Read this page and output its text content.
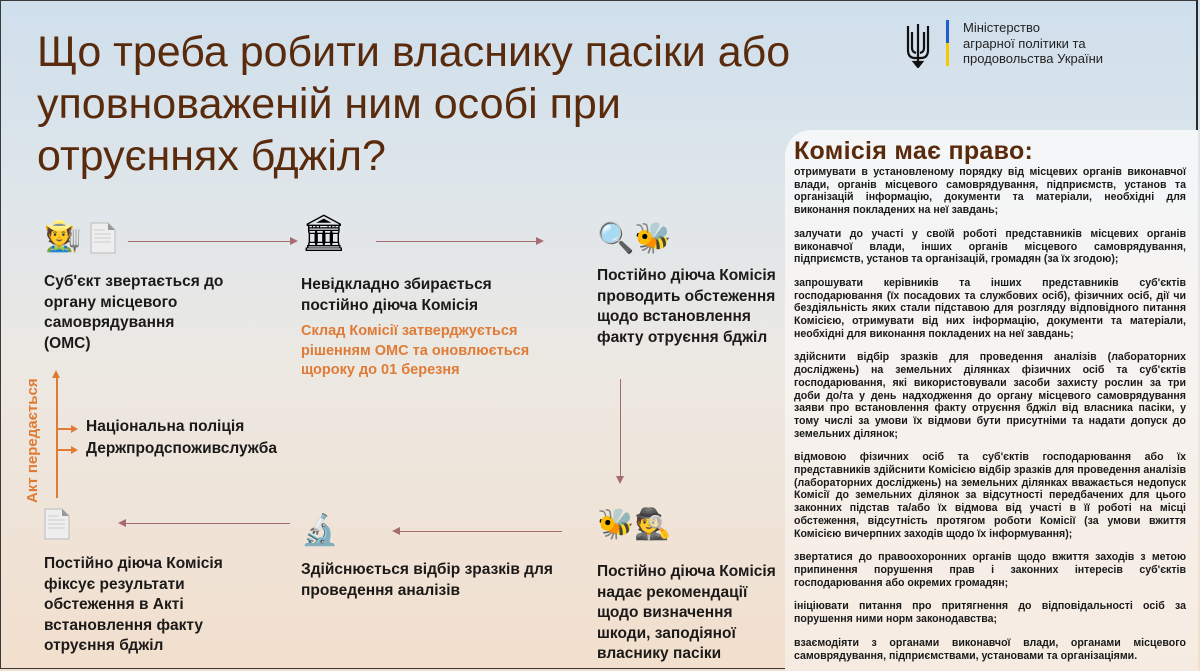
Що треба робити власнику пасіки або уповноваженій ним особі при отруєннях бджіл?
Міністерство
аграрної політики та
продовольства України
🧑‍🌾
Суб'єкт звертається до органу місцевого самоврядування (ОМС)
🏛
Невідкладно збирається постійно діюча Комісія
Склад Комісії затверджується рішенням ОМС та оновлюється щороку до 01 березня
🔍🐝
Постійно діюча Комісія проводить обстеження щодо встановлення факту отруєння бджіл
🐝🕵
Постійно діюча Комісія надає рекомендації щодо визначення шкоди, заподіяної власнику пасіки
🔬
Здійснюється відбір зразків для проведення аналізів
Постійно діюча Комісія фіксує результати обстеження в Акті встановлення факту отруєння бджіл
Акт передається	Національна поліція
Держпродспоживслужба
Комісія має право:

отримувати в установленому порядку від місцевих органів виконавчої влади, органів місцевого самоврядування, підприємств, установ та організацій інформацію, документи та матеріали, необхідні для виконання покладених на неї завдань;

залучати до участі у своїй роботі представників місцевих органів виконавчої влади, інших органів місцевого самоврядування, підприємств, установ та організацій, громадян (за їх згодою);

запрошувати керівників та інших представників суб'єктів господарювання (їх посадових та службових осіб), фізичних осіб, дії чи бездіяльність яких стали підставою для розгляду відповідного питання Комісією, отримувати від них інформацію, документи та матеріали, необхідні для виконання покладених на неї завдань;

здійснити відбір зразків для проведення аналізів (лабораторних досліджень) на земельних ділянках фізичних осіб та суб'єктів господарювання, які використовували засоби захисту рослин за три доби до/та у день надходження до органу місцевого самоврядування заяви про встановлення факту отруєння бджіл від власника пасіки, у тому числі за умови їх відмови бути присутніми та надати допуск до земельних ділянок;

відмовою фізичних осіб та суб'єктів господарювання або їх представників здійснити Комісією відбір зразків для проведення аналізів (лабораторних досліджень) на земельних ділянках вважається недопуск Комісії до земельних ділянок за відсутності передбачених для цього законних підстав та/або їх відмова від участі в її роботі на місці обстеження, відсутність протягом роботи Комісії (за умови вжиття Комісією вичерпних заходів щодо їх інформування);

звертатися до правоохоронних органів щодо вжиття заходів з метою припинення порушення прав і законних інтересів суб'єктів господарювання або окремих громадян;

ініціювати питання про притягнення до відповідальності осіб за порушення ними норм законодавства;

взаємодіяти з органами виконавчої влади, органами місцевого самоврядування, підприємствами, установами та організаціями.
